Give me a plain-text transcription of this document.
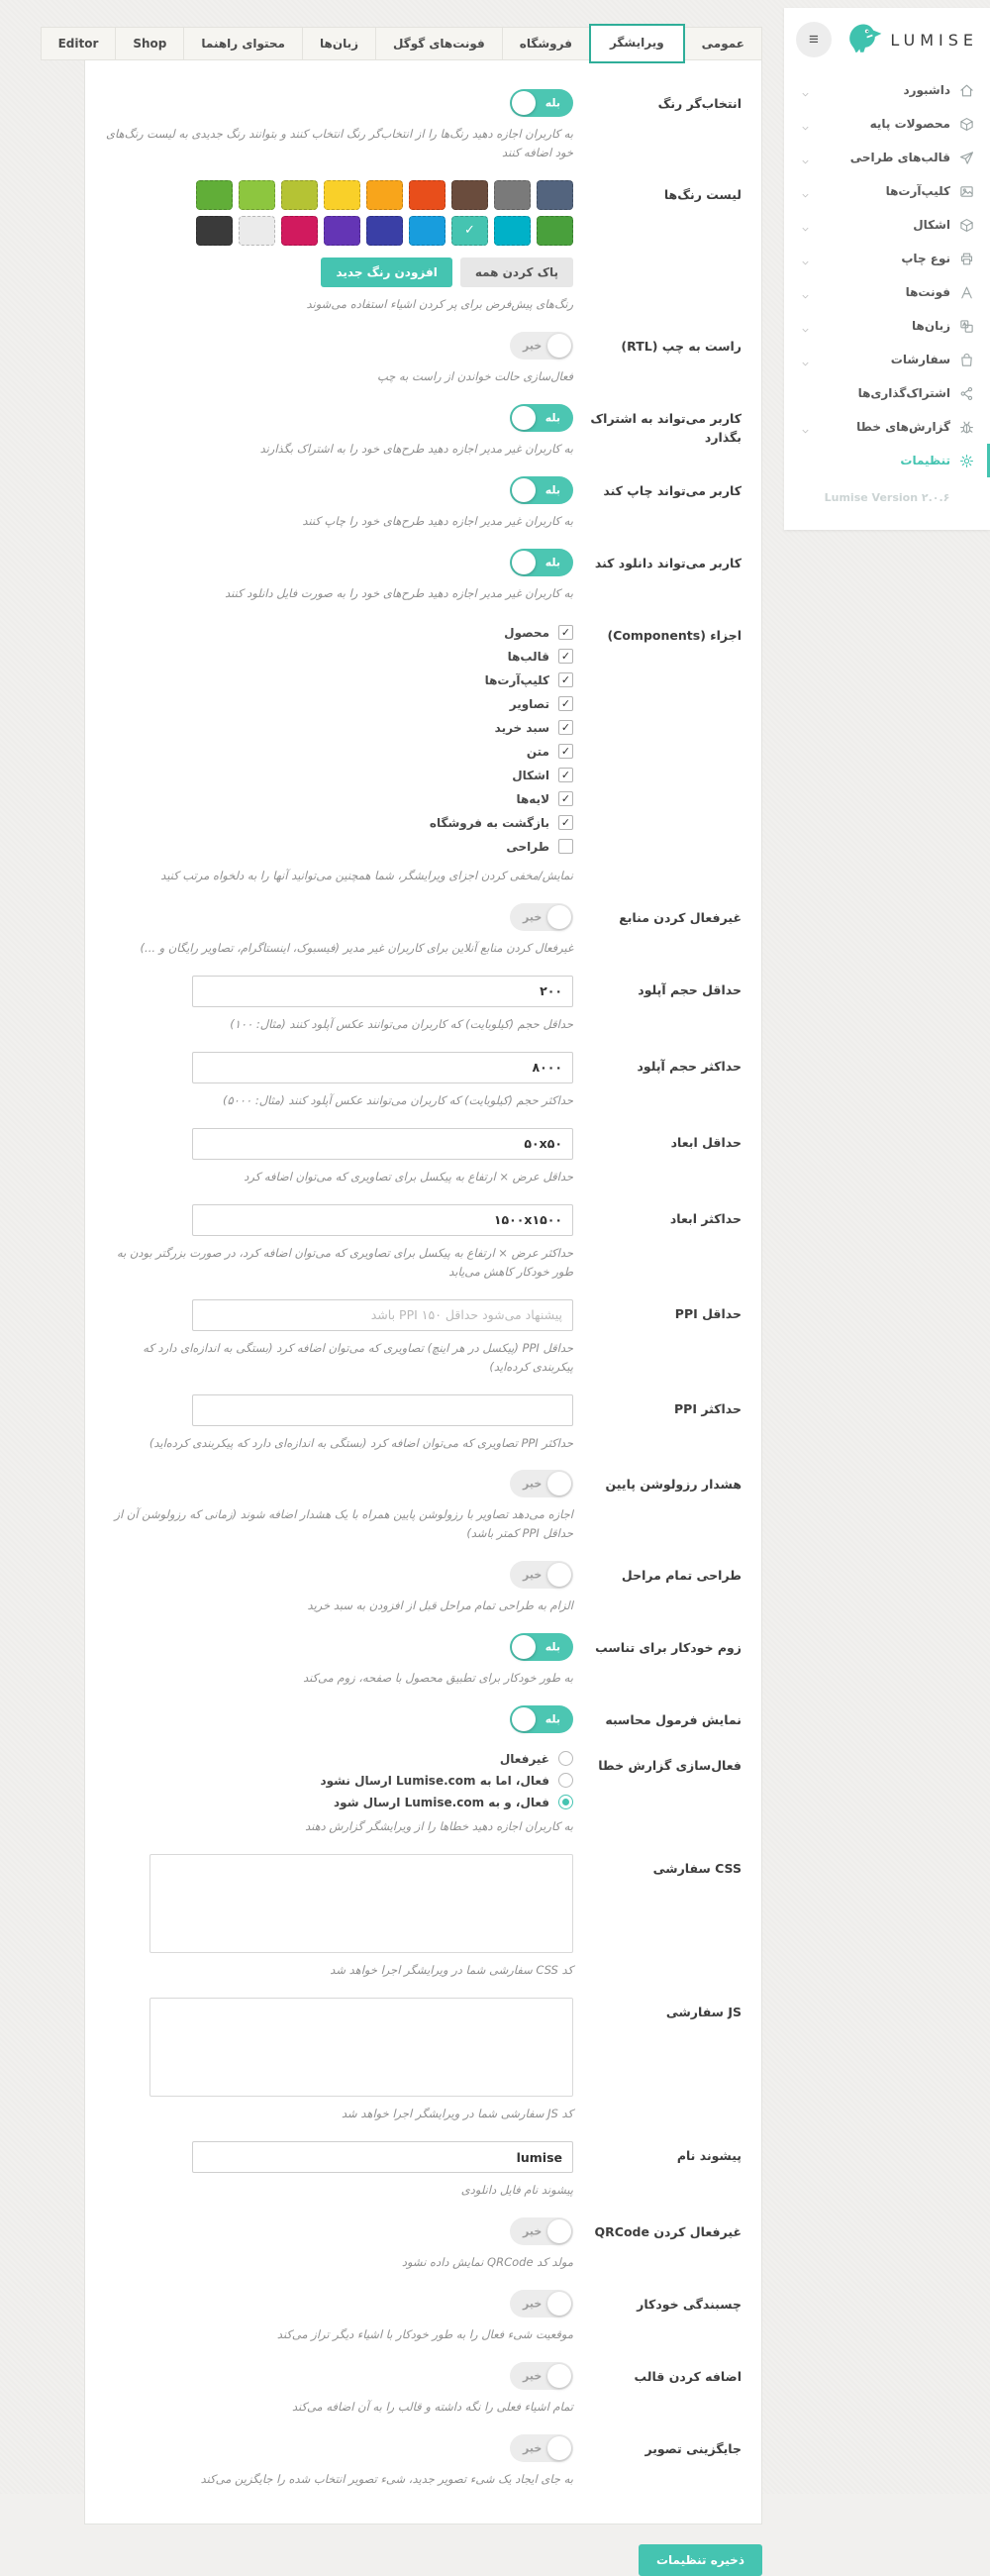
عمومی
ویرایشگر
فروشگاه
فونت‌های گوگل
زبان‌ها
محتوای راهنما
Shop
Editor
انتخاب‌گر رنگ
بله
به کاربران اجازه دهید رنگ‌ها را از انتخاب‌گر رنگ انتخاب کنند و بتوانند رنگ جدیدی به لیست رنگ‌های خود اضافه کنند
لیست رنگ‌ها
✓
پاک کردن همه
افزودن رنگ جدید
رنگ‌های پیش‌فرض برای پر کردن اشیاء استفاده می‌شوند
راست به چپ (RTL)
خیر
فعال‌سازی حالت خواندن از راست به چپ
کاربر می‌تواند به اشتراک بگذارد
بله
به کاربران غیر مدیر اجازه دهید طرح‌های خود را به اشتراک بگذارند
کاربر می‌تواند چاپ کند
بله
به کاربران غیر مدیر اجازه دهید طرح‌های خود را چاپ کنند
کاربر می‌تواند دانلود کند
بله
به کاربران غیر مدیر اجازه دهید طرح‌های خود را به صورت فایل دانلود کنند
اجزاء (Components)
✓
محصول
✓
قالب‌ها
✓
کلیپ‌آرت‌ها
✓
تصاویر
✓
سبد خرید
✓
متن
✓
اشکال
✓
لایه‌ها
✓
بازگشت به فروشگاه
طراحی
نمایش/مخفی کردن اجزای ویرایشگر، شما همچنین می‌توانید آنها را به دلخواه مرتب کنید
غیرفعال کردن منابع
خیر
غیرفعال کردن منابع آنلاین برای کاربران غیر مدیر (فیسبوک، اینستاگرام، تصاویر رایگان و ...)
حداقل حجم آپلود
۲۰۰
حداقل حجم (کیلوبایت) که کاربران می‌توانند عکس آپلود کنند (مثال: ۱۰۰)
حداکثر حجم آپلود
۸۰۰۰
حداکثر حجم (کیلوبایت) که کاربران می‌توانند عکس آپلود کنند (مثال: ۵۰۰۰)
حداقل ابعاد
۵۰x۵۰
حداقل عرض × ارتفاع به پیکسل برای تصاویری که می‌توان اضافه کرد
حداکثر ابعاد
۱۵۰۰x۱۵۰۰
حداکثر عرض × ارتفاع به پیکسل برای تصاویری که می‌توان اضافه کرد، در صورت بزرگتر بودن به طور خودکار کاهش می‌یابد
حداقل PPI
پیشنهاد می‌شود حداقل ۱۵۰ PPI باشد
حداقل PPI (پیکسل در هر اینچ) تصاویری که می‌توان اضافه کرد (بستگی به اندازه‌ای دارد که پیکربندی کرده‌اید)
حداکثر PPI
حداکثر PPI تصاویری که می‌توان اضافه کرد (بستگی به اندازه‌ای دارد که پیکربندی کرده‌اید)
هشدار رزولوشن پایین
خیر
اجازه می‌دهد تصاویر با رزولوشن پایین همراه با یک هشدار اضافه شوند (زمانی که رزولوشن آن از حداقل PPI کمتر باشد)
طراحی تمام مراحل
خیر
الزام به طراحی تمام مراحل قبل از افزودن به سبد خرید
زوم خودکار برای تناسب
بله
به طور خودکار برای تطبیق محصول با صفحه، زوم می‌کند
نمایش فرمول محاسبه
بله
فعال‌سازی گزارش خطا
غیرفعال
فعال، اما به Lumise.com ارسال نشود
فعال، و به Lumise.com ارسال شود
به کاربران اجازه دهید خطاها را از ویرایشگر گزارش دهند
CSS سفارشی
کد CSS سفارشی شما در ویرایشگر اجرا خواهد شد
JS سفارشی
کد JS سفارشی شما در ویرایشگر اجرا خواهد شد
پیشوند نام
lumise
پیشوند نام فایل دانلودی
غیرفعال کردن QRCode
خیر
مولد کد QRCode نمایش داده نشود
چسبندگی خودکار
خیر
موقعیت شیء فعال را به طور خودکار با اشیاء دیگر تراز می‌کند
اضافه کردن قالب
خیر
تمام اشیاء فعلی را نگه داشته و قالب را به آن اضافه می‌کند
جایگزینی تصویر
خیر
به جای ایجاد یک شیء تصویر جدید، شیء تصویر انتخاب شده را جایگزین می‌کند
ذخیره تنظیمات
≡	LUMISE
داشبورد
محصولات پایه
قالب‌های طراحی
کلیپ‌آرت‌ها
اشکال
نوع چاپ
فونت‌ها
زبان‌ها
سفارشات
اشتراک‌گذاری‌ها
گزارش‌های خطا
تنظیمات
Lumise Version ۲.۰.۶
